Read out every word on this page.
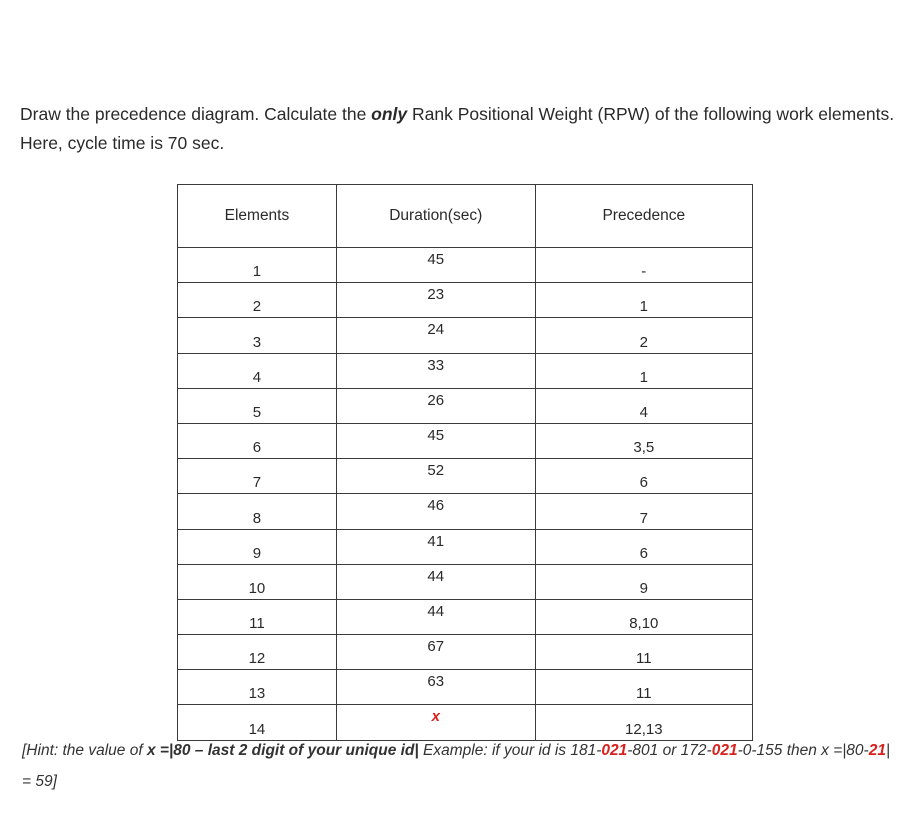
Draw the precedence diagram. Calculate the only Rank Positional Weight (RPW) of the following work elements. Here, cycle time is 70 sec.
Elements	Duration(sec)	Precedence
1	45	-
2	23	1
3	24	2
4	33	1
5	26	4
6	45	3,5
7	52	6
8	46	7
9	41	6
10	44	9
11	44	8,10
12	67	11
13	63	11
14	x	12,13
[Hint: the value of x =|80 – last 2 digit of your unique id| Example: if your id is 181-021-801 or 172-021-0-155 then x =|80-21| = 59]
